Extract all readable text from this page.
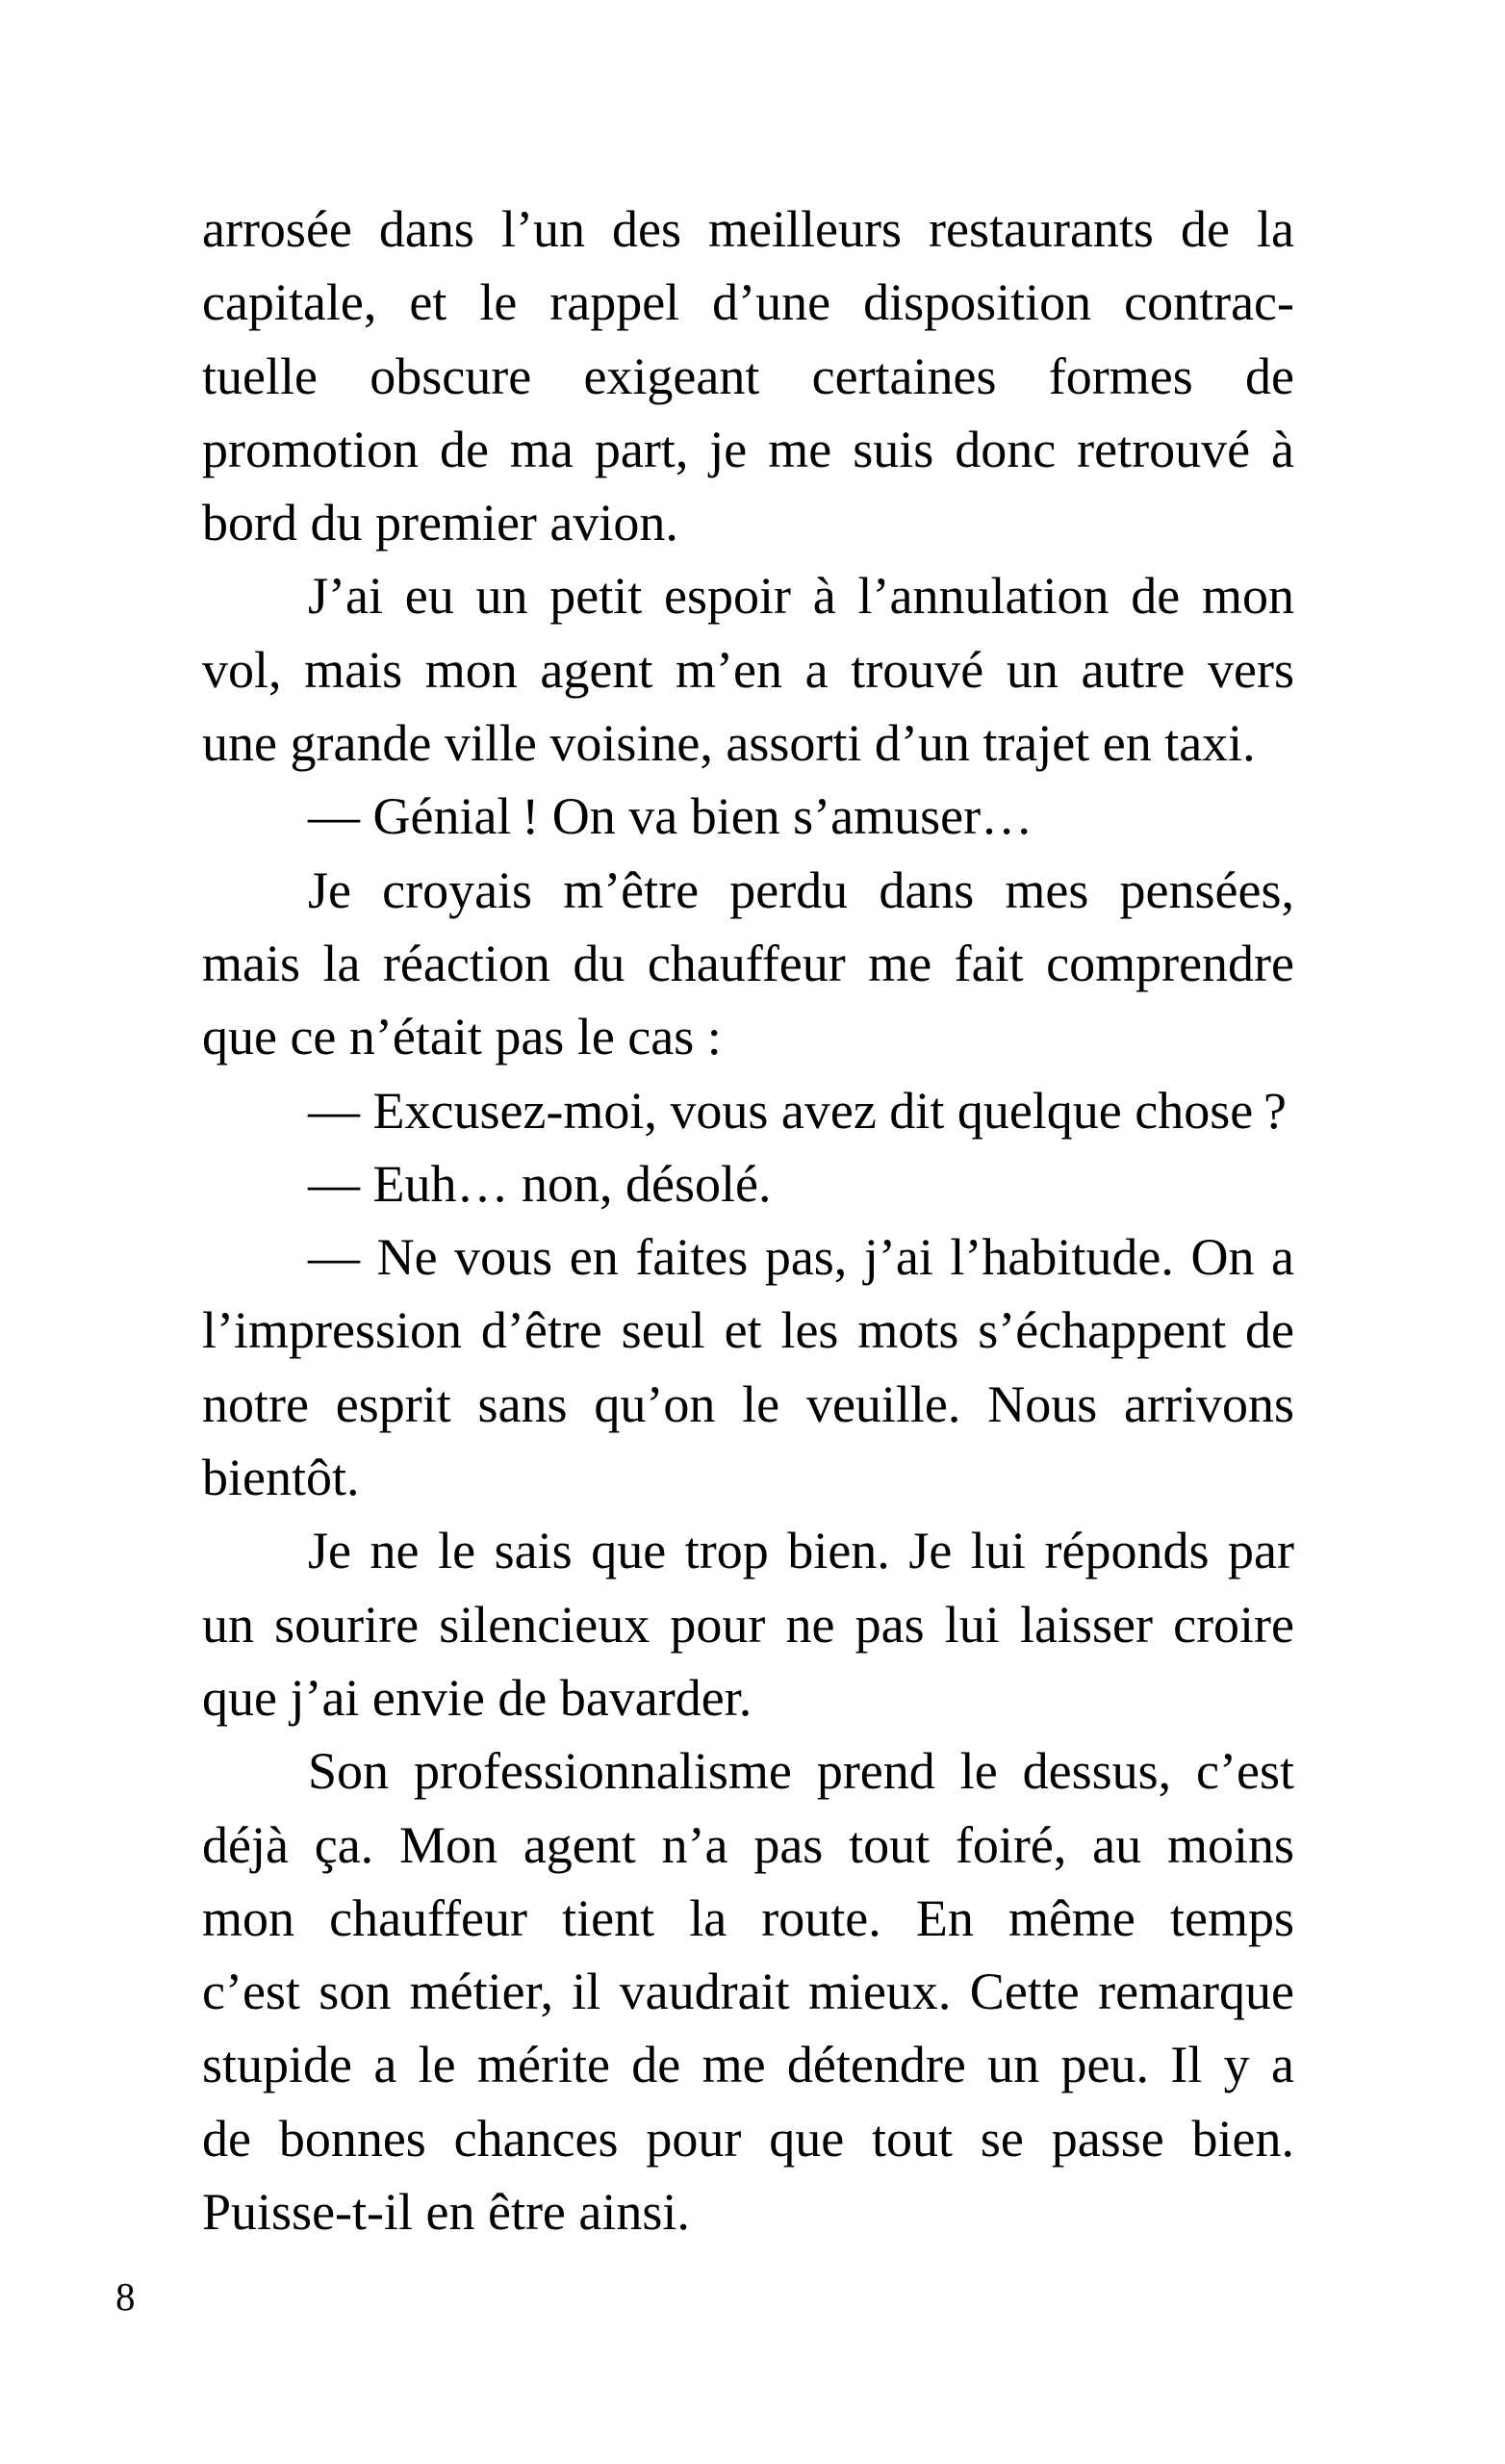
arrosée dans l’un des meilleurs restaurants de la
capitale, et le rappel d’une disposition contrac-
tuelle obscure exigeant certaines formes de
promotion de ma part, je me suis donc retrouvé à
bord du premier avion.

J’ai eu un petit espoir à l’annulation de mon
vol, mais mon agent m’en a trouvé un autre vers
une grande ville voisine, assorti d’un trajet en taxi.

— Génial ! On va bien s’amuser…

Je croyais m’être perdu dans mes pensées,
mais la réaction du chauffeur me fait comprendre
que ce n’était pas le cas :

— Excusez-moi, vous avez dit quelque chose ?

— Euh… non, désolé.

— Ne vous en faites pas, j’ai l’habitude. On a
l’impression d’être seul et les mots s’échappent de
notre esprit sans qu’on le veuille. Nous arrivons
bientôt.

Je ne le sais que trop bien. Je lui réponds par
un sourire silencieux pour ne pas lui laisser croire
que j’ai envie de bavarder.

Son professionnalisme prend le dessus, c’est
déjà ça. Mon agent n’a pas tout foiré, au moins
mon chauffeur tient la route. En même temps
c’est son métier, il vaudrait mieux. Cette remarque
stupide a le mérite de me détendre un peu. Il y a
de bonnes chances pour que tout se passe bien.
Puisse-t-il en être ainsi.

8
